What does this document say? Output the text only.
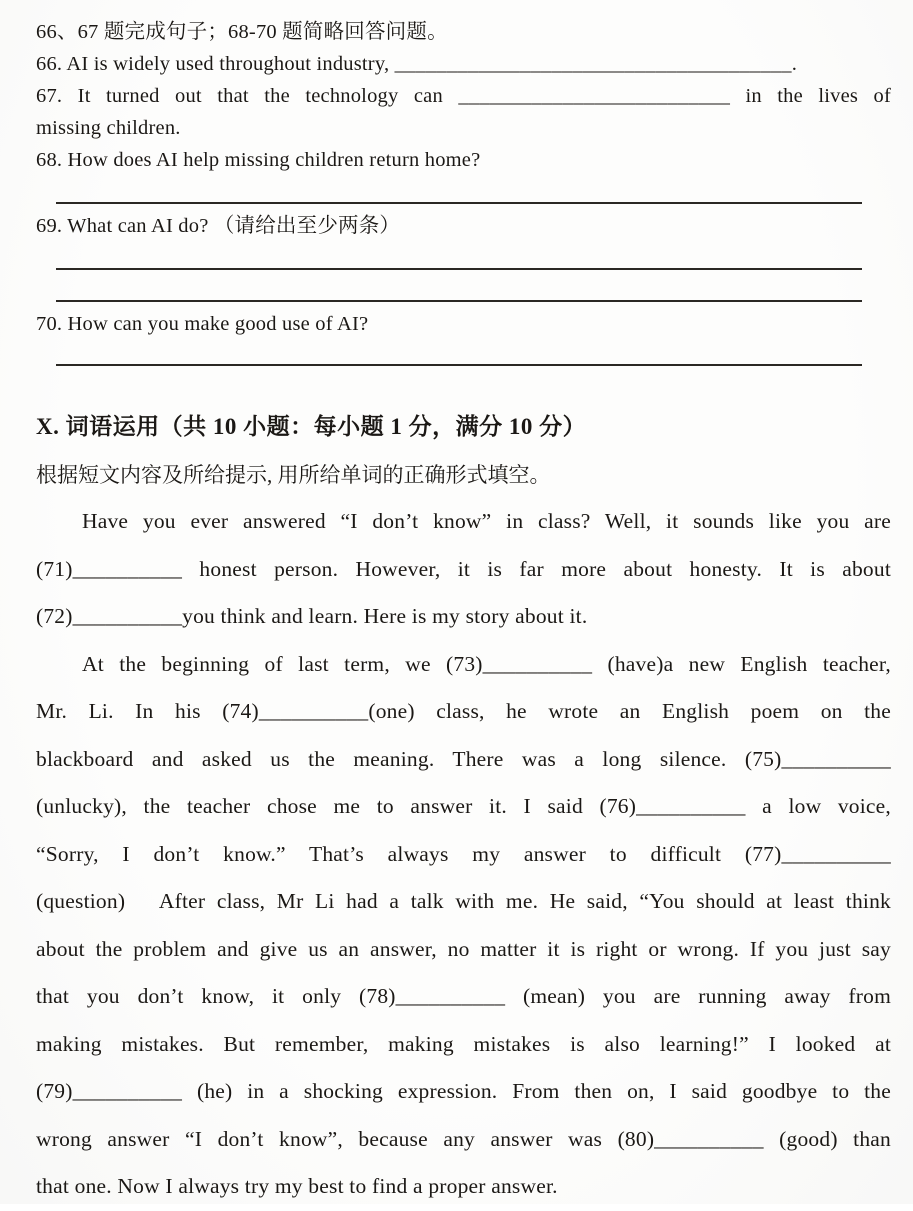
66、67 题完成句子；68-70 题简略回答问题。
66. AI is widely used throughout industry, ______________________________________.
67. It turned out that the technology can __________________________ in the lives of
missing children.
68. How does AI help missing children return home?
69. What can AI do? （请给出至少两条）
70. How can you make good use of AI?
X. 词语运用（共 10 小题：每小题 1 分，满分 10 分）
根据短文内容及所给提示, 用所给单词的正确形式填空。
Have you ever answered “I don’t know” in class? Well, it sounds like you are
(71)__________ honest person. However, it is far more about honesty. It is about
(72)__________you think and learn. Here is my story about it.
At the beginning of last term, we (73)__________ (have)a new English teacher,
Mr. Li. In his (74)__________(one) class, he wrote an English poem on the
blackboard and asked us the meaning. There was a long silence. (75)__________
(unlucky), the teacher chose me to answer it. I said (76)__________ a low voice,
“Sorry, I don’t know.” That’s always my answer to difficult (77)__________
(question)　After class, Mr Li had a talk with me. He said, “You should at least think
about the problem and give us an answer, no matter it is right or wrong. If you just say
that you don’t know, it only (78)__________ (mean) you are running away from
making mistakes. But remember, making mistakes is also learning!” I looked at
(79)__________ (he) in a shocking expression. From then on, I said goodbye to the
wrong answer “I don’t know”, because any answer was (80)__________ (good) than
that one. Now I always try my best to find a proper answer.
